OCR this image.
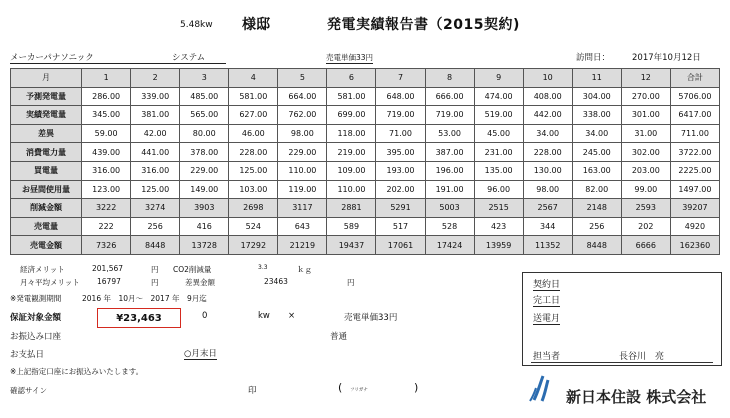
5.48kw 様邸	発電実績報告書（2015契約)
メーカーパナソニック	システム	売電単価33円	訪問日：	2017年10月12日
月	1	2	3	4	5	6	7	8	9	10	11	12	合計
予測発電量	286.00	339.00	485.00	581.00	664.00	581.00	648.00	666.00	474.00	408.00	304.00	270.00	5706.00
実績発電量	345.00	381.00	565.00	627.00	762.00	699.00	719.00	719.00	519.00	442.00	338.00	301.00	6417.00
差異	59.00	42.00	80.00	46.00	98.00	118.00	71.00	53.00	45.00	34.00	34.00	31.00	711.00
消費電力量	439.00	441.00	378.00	228.00	229.00	219.00	395.00	387.00	231.00	228.00	245.00	302.00	3722.00
買電量	316.00	316.00	229.00	125.00	110.00	109.00	193.00	196.00	135.00	130.00	163.00	203.00	2225.00
お昼間使用量	123.00	125.00	149.00	103.00	119.00	110.00	202.00	191.00	96.00	98.00	82.00	99.00	1497.00
削減金額	3222	3274	3903	2698	3117	2881	5291	5003	2515	2567	2148	2593	39207
売電量	222	256	416	524	643	589	517	528	423	344	256	202	4920
売電金額	7326	8448	13728	17292	21219	19437	17061	17424	13959	11352	8448	6666	162360
経済メリット	201,567	円 CO2削減量	3.3	ｋｇ
月々平均メリット 16797	円	差異金額	23463	円
※発電観測期間	2016 年　10月～　2017 年　9月迄
保証対象金額	¥23,463	0	kw ×	売電単価33円
お振込み口座	普通
お支払日	○月末日
※上記指定口座にお振込みいたします。
確認サイン	印	( フリガナ	)
契約日
完工日
送電月
担当者	長谷川　亮
新日本住設 株式会社
